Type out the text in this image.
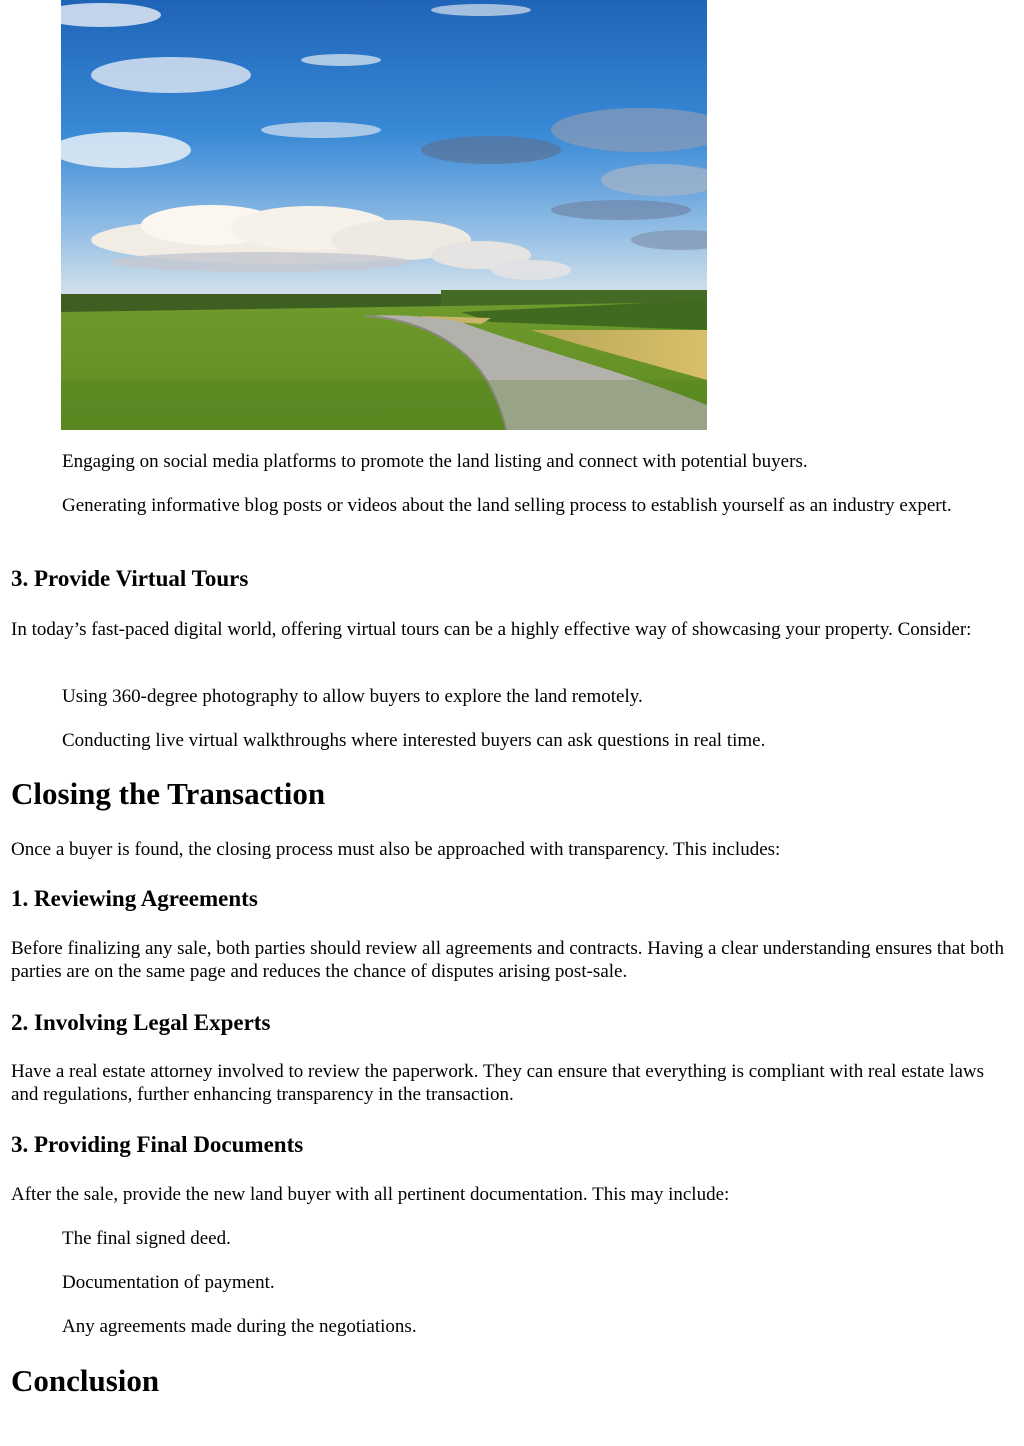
Engaging on social media platforms to promote the land listing and connect with potential buyers.

Generating informative blog posts or videos about the land selling process to establish yourself as an industry expert.

3. Provide Virtual Tours

In today’s fast-paced digital world, offering virtual tours can be a highly effective way of showcasing your property. Consider:

Using 360-degree photography to allow buyers to explore the land remotely.

Conducting live virtual walkthroughs where interested buyers can ask questions in real time.

Closing the Transaction

Once a buyer is found, the closing process must also be approached with transparency. This includes:

1. Reviewing Agreements

Before finalizing any sale, both parties should review all agreements and contracts. Having a clear understanding ensures that both parties are on the same page and reduces the chance of disputes arising post-sale.

2. Involving Legal Experts

Have a real estate attorney involved to review the paperwork. They can ensure that everything is compliant with real estate laws and regulations, further enhancing transparency in the transaction.

3. Providing Final Documents

After the sale, provide the new land buyer with all pertinent documentation. This may include:

The final signed deed.

Documentation of payment.

Any agreements made during the negotiations.

Conclusion
